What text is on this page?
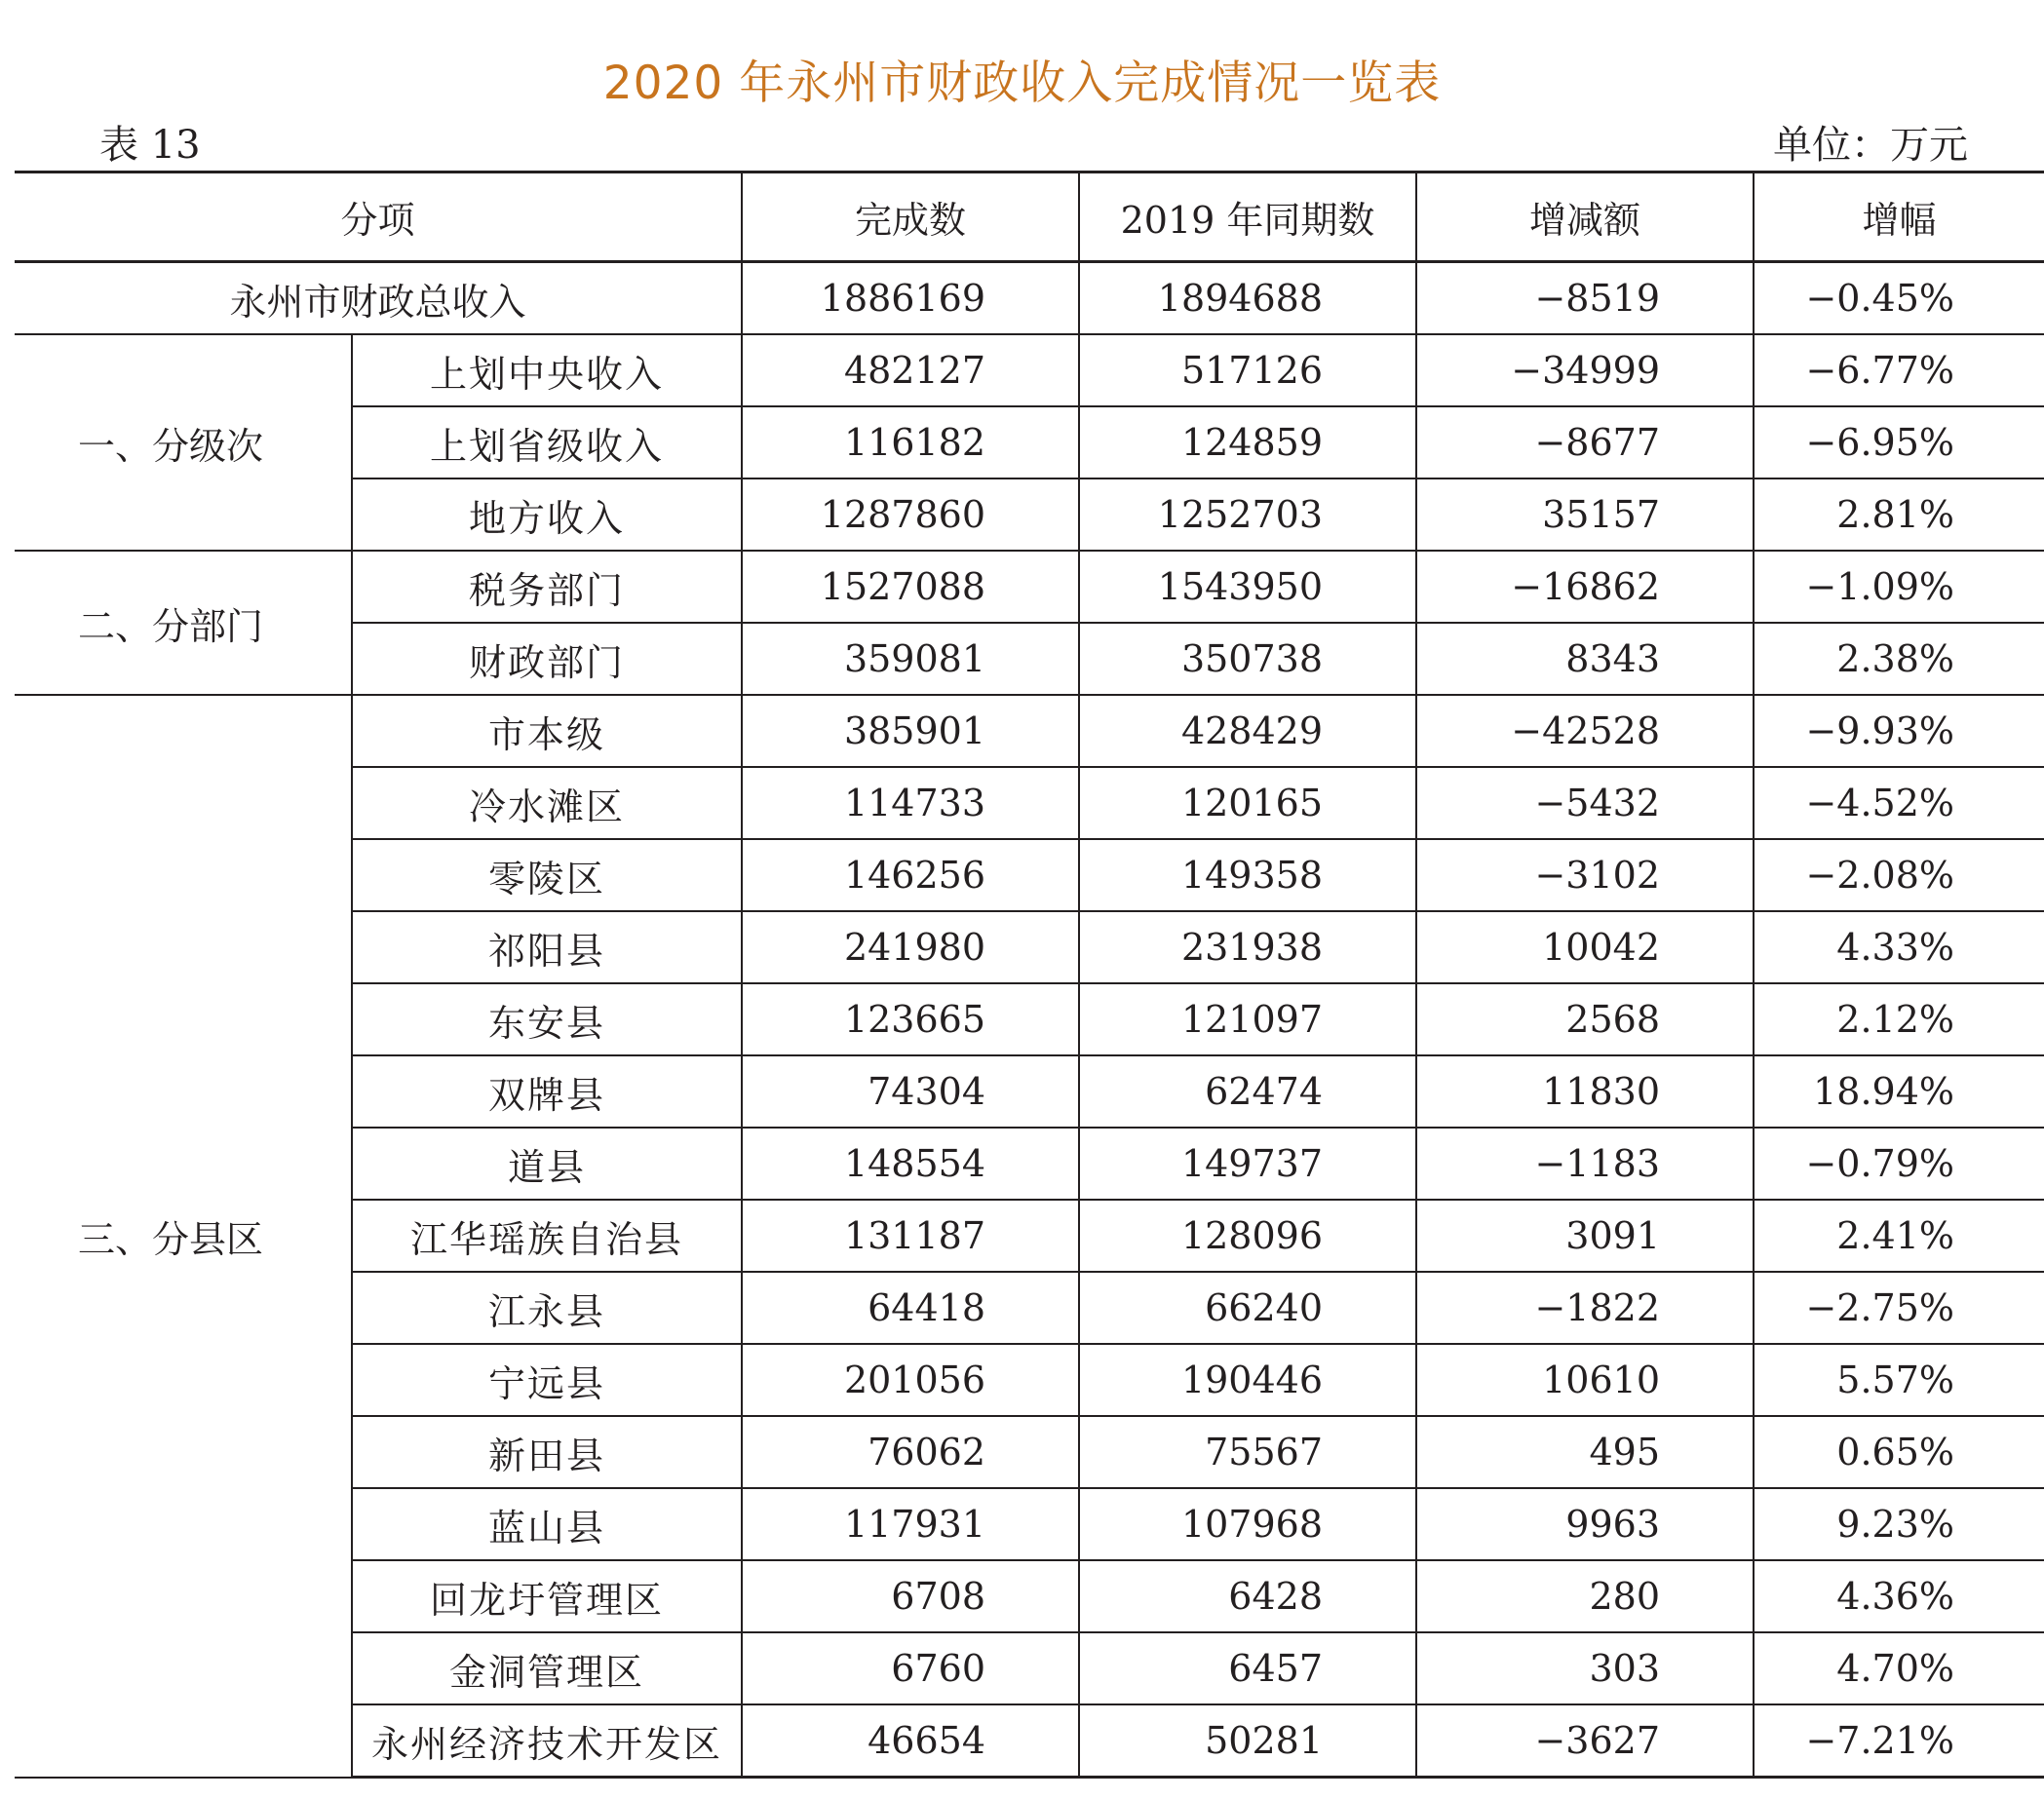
2020 年永州市财政收入完成情况一览表
表 13	单位：万元
分项		完成数	2019 年同期数	增减额	增幅
永州市财政总收入		1886169	1894688	−8519	−0.45%
一、分级次	上划中央收入	482127	517126	−34999	−6.77%
	上划省级收入	116182	124859	−8677	−6.95%
	地方收入	1287860	1252703	35157	2.81%
二、分部门	税务部门	1527088	1543950	−16862	−1.09%
	财政部门	359081	350738	8343	2.38%
三、分县区	市本级	385901	428429	−42528	−9.93%
	冷水滩区	114733	120165	−5432	−4.52%
	零陵区	146256	149358	−3102	−2.08%
	祁阳县	241980	231938	10042	4.33%
	东安县	123665	121097	2568	2.12%
	双牌县	74304	62474	11830	18.94%
	道县	148554	149737	−1183	−0.79%
	江华瑶族自治县	131187	128096	3091	2.41%
	江永县	64418	66240	−1822	−2.75%
	宁远县	201056	190446	10610	5.57%
	新田县	76062	75567	495	0.65%
	蓝山县	117931	107968	9963	9.23%
	回龙圩管理区	6708	6428	280	4.36%
	金洞管理区	6760	6457	303	4.70%
	永州经济技术开发区	46654	50281	−3627	−7.21%
